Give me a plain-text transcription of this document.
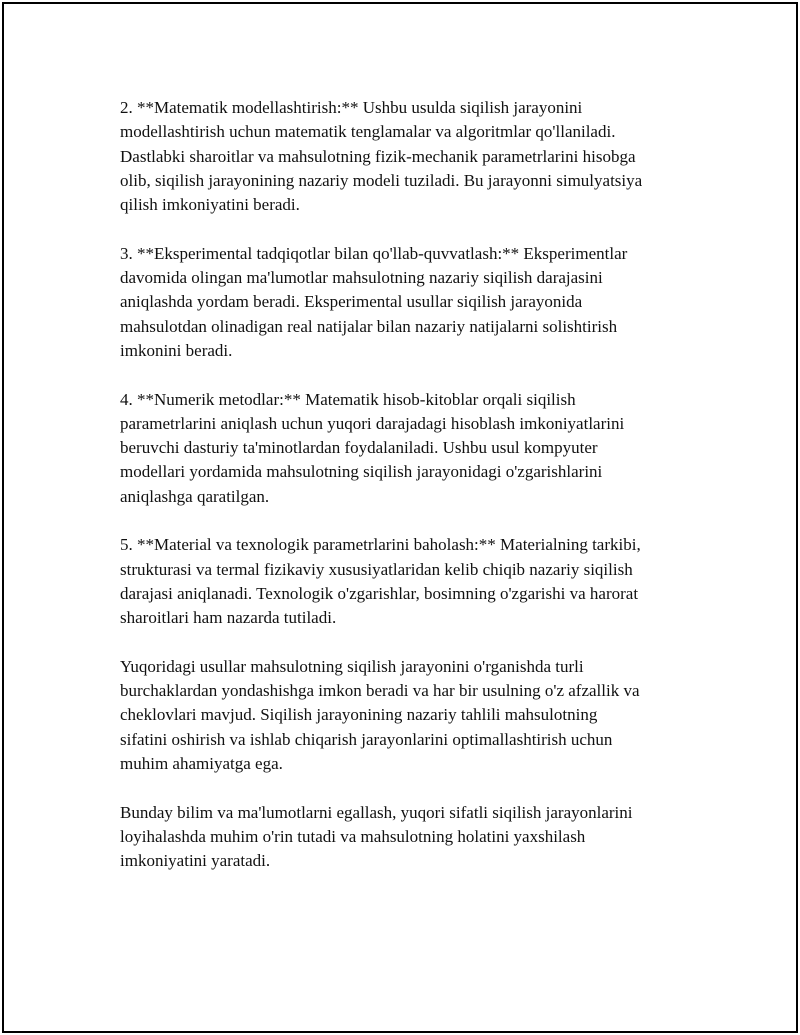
2. **Matematik modellashtirish:** Ushbu usulda siqilish jarayonini
modellashtirish uchun matematik tenglamalar va algoritmlar qo'llaniladi.
Dastlabki sharoitlar va mahsulotning fizik-mechanik parametrlarini hisobga
olib, siqilish jarayonining nazariy modeli tuziladi. Bu jarayonni simulyatsiya
qilish imkoniyatini beradi.

3. **Eksperimental tadqiqotlar bilan qo'llab-quvvatlash:** Eksperimentlar
davomida olingan ma'lumotlar mahsulotning nazariy siqilish darajasini
aniqlashda yordam beradi. Eksperimental usullar siqilish jarayonida
mahsulotdan olinadigan real natijalar bilan nazariy natijalarni solishtirish
imkonini beradi.

4. **Numerik metodlar:** Matematik hisob-kitoblar orqali siqilish
parametrlarini aniqlash uchun yuqori darajadagi hisoblash imkoniyatlarini
beruvchi dasturiy ta'minotlardan foydalaniladi. Ushbu usul kompyuter
modellari yordamida mahsulotning siqilish jarayonidagi o'zgarishlarini
aniqlashga qaratilgan.

5. **Material va texnologik parametrlarini baholash:** Materialning tarkibi,
strukturasi va termal fizikaviy xususiyatlaridan kelib chiqib nazariy siqilish
darajasi aniqlanadi. Texnologik o'zgarishlar, bosimning o'zgarishi va harorat
sharoitlari ham nazarda tutiladi.

Yuqoridagi usullar mahsulotning siqilish jarayonini o'rganishda turli
burchaklardan yondashishga imkon beradi va har bir usulning o'z afzallik va
cheklovlari mavjud. Siqilish jarayonining nazariy tahlili mahsulotning
sifatini oshirish va ishlab chiqarish jarayonlarini optimallashtirish uchun
muhim ahamiyatga ega.

Bunday bilim va ma'lumotlarni egallash, yuqori sifatli siqilish jarayonlarini
loyihalashda muhim o'rin tutadi va mahsulotning holatini yaxshilash
imkoniyatini yaratadi.
